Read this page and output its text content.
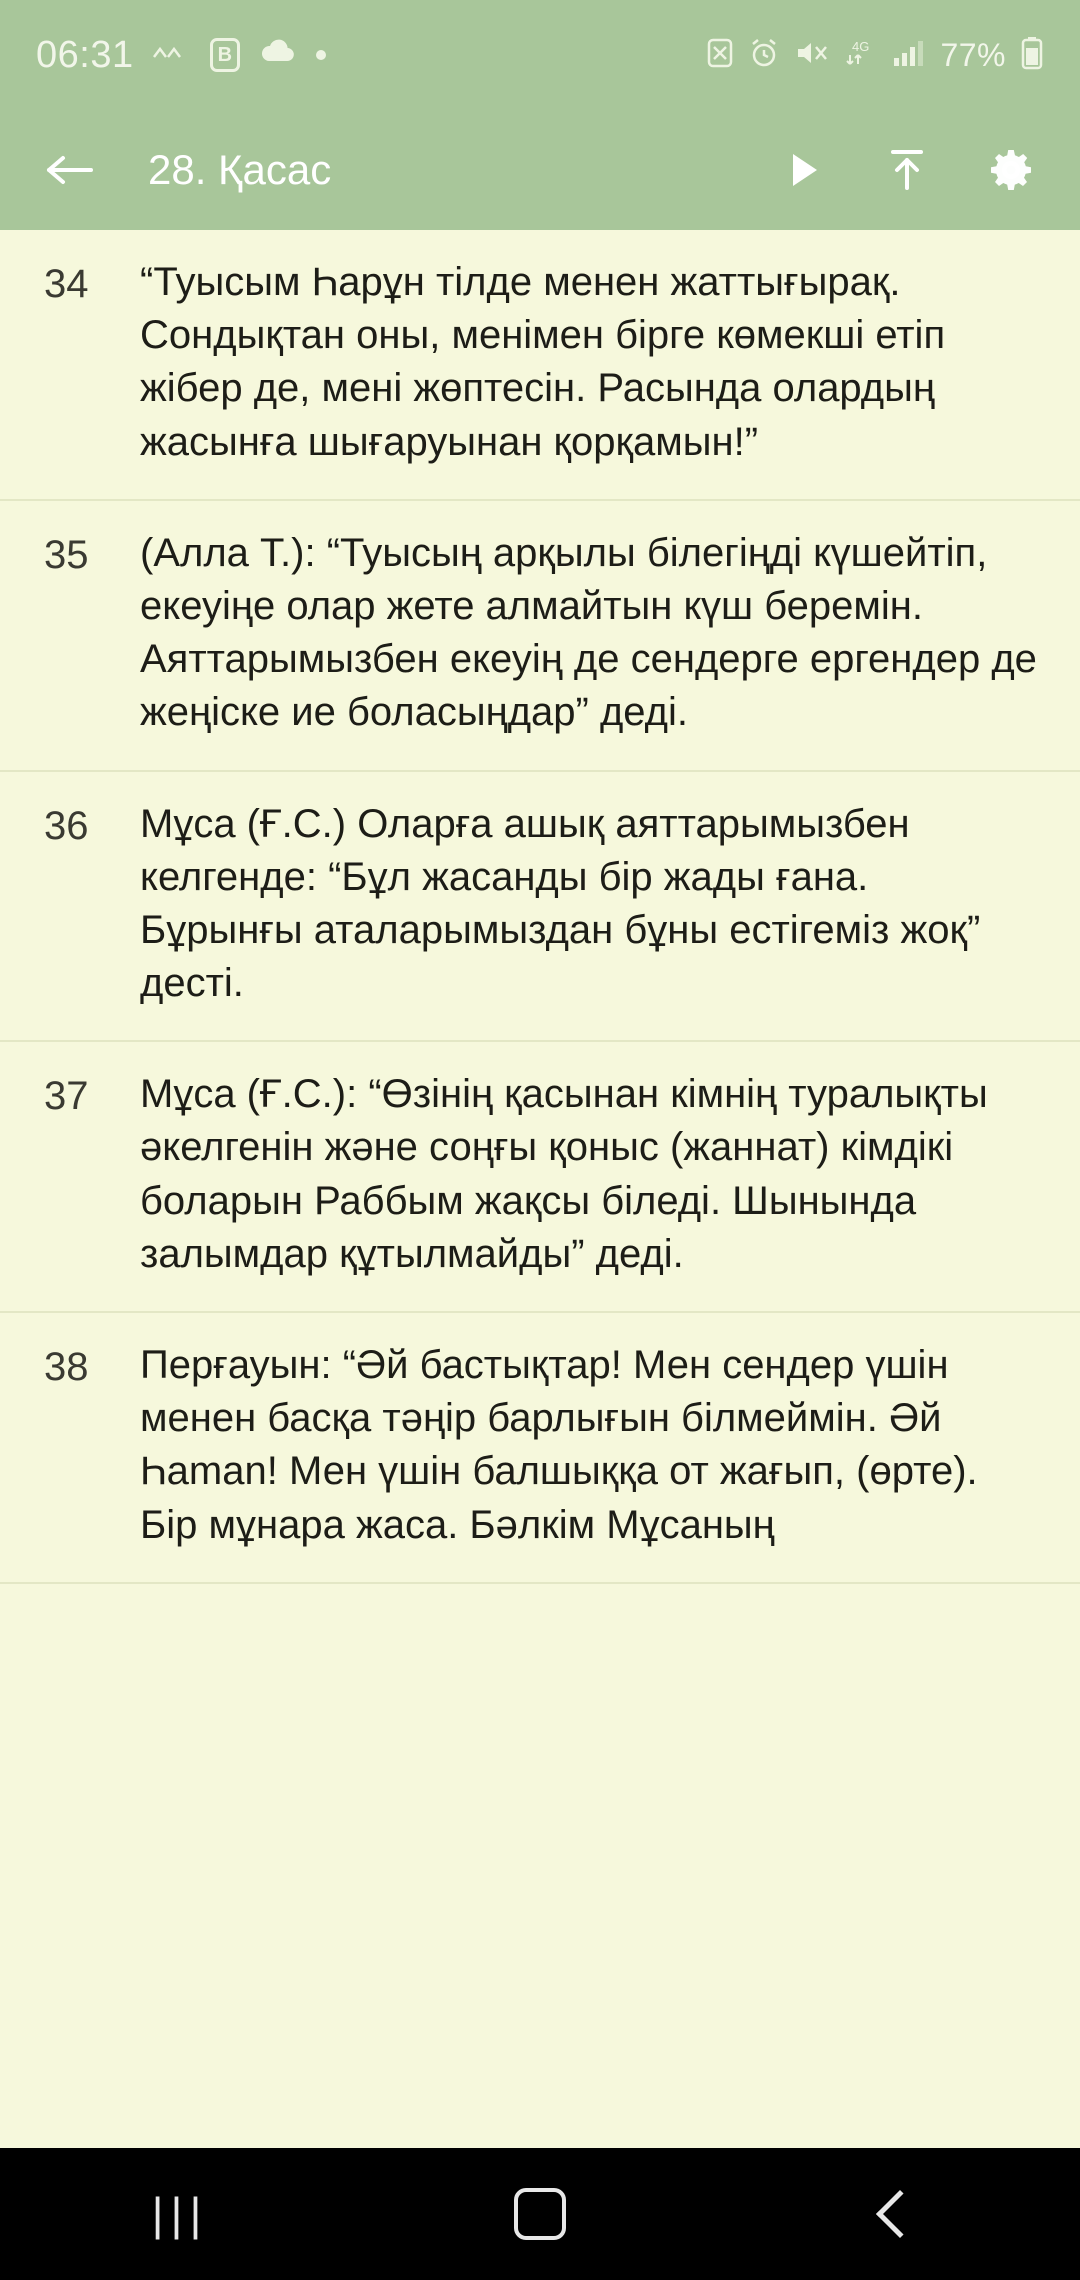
06:31	B	4G 77%
28. Қacac
34	“Туысым Һaрұн тілде менен жаттығырақ. Сондықтан оны, менімен бірге көмекші етіп жібер де, мені жөптесін. Расында олардың жасынға шығаруынан қорқамын!”
35	(Алла Т.): “Туысың арқылы білегіңді күшейтіп, екеуіңе олар жете алмайтын күш беремін. Аяттарымызбен екеуің де сендерге ергендер де жеңіске ие боласыңдар” деді.
36	Мұса (Ғ.С.) Оларға ашық аяттарымызбен келгенде: “Бұл жасанды бір жады ғана. Бұрынғы аталарымыздан бұны естігеміз жоқ” десті.
37	Мұса (Ғ.С.): “Өзінің қасынан кімнің туралықты әкелгенін және соңғы қоныс (жаннат) кімдікі боларын Раббым жақсы біледі. Шынында залымдар құтылмайды” деді.
38	Перғауын: “Әй бастықтар! Мен сендер үшін менен басқа тәңір барлығын білмеймін. Әй Һaman! Мен үшін балшыққа от жағып, (өрте). Бір мұнара жаса. Бәлкім Мұсаның
|||
